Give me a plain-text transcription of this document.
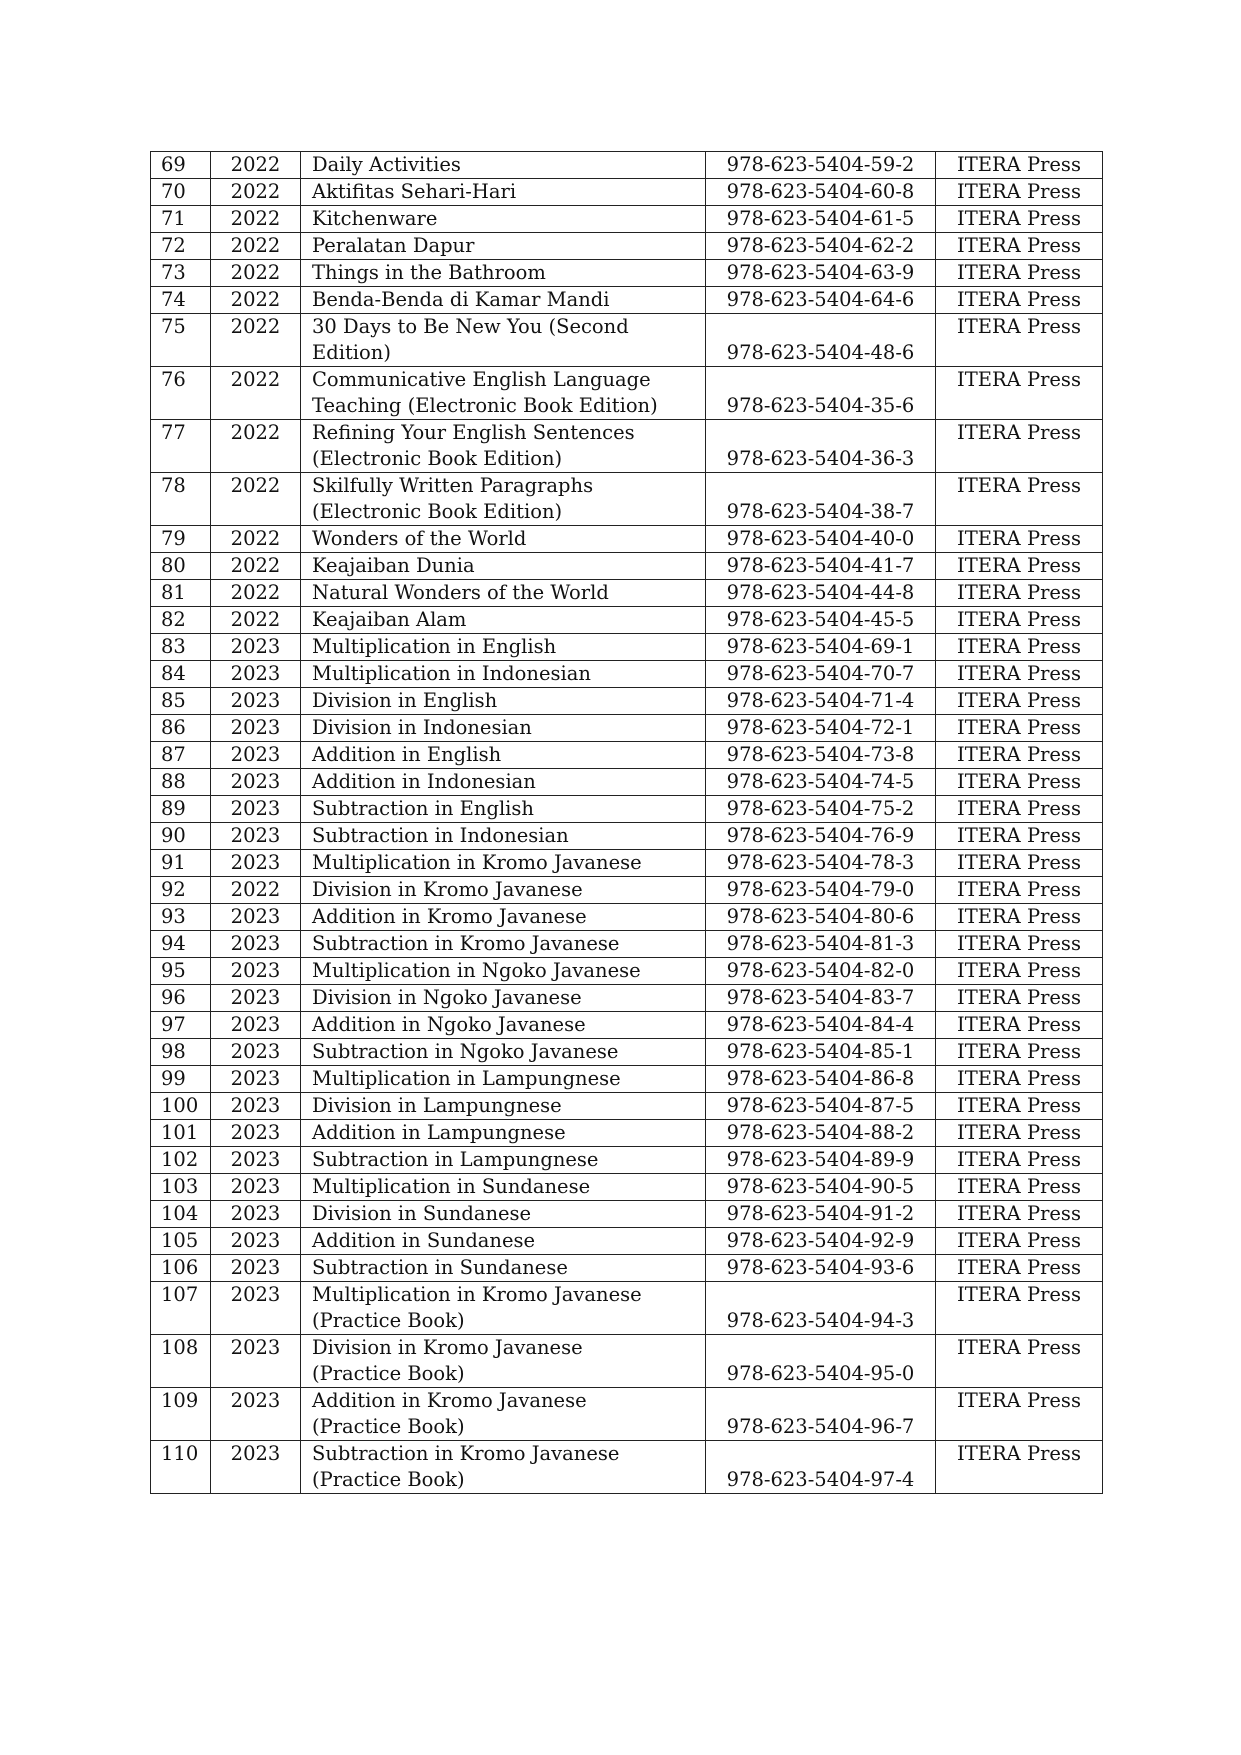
69	2022	Daily Activities	978-623-5404-59-2	ITERA Press
70	2022	Aktifitas Sehari-Hari	978-623-5404-60-8	ITERA Press
71	2022	Kitchenware	978-623-5404-61-5	ITERA Press
72	2022	Peralatan Dapur	978-623-5404-62-2	ITERA Press
73	2022	Things in the Bathroom	978-623-5404-63-9	ITERA Press
74	2022	Benda-Benda di Kamar Mandi	978-623-5404-64-6	ITERA Press
75	2022	30 Days to Be New You (Second
Edition)	978-623-5404-48-6	ITERA Press
76	2022	Communicative English Language
Teaching (Electronic Book Edition)	978-623-5404-35-6	ITERA Press
77	2022	Refining Your English Sentences
(Electronic Book Edition)	978-623-5404-36-3	ITERA Press
78	2022	Skilfully Written Paragraphs
(Electronic Book Edition)	978-623-5404-38-7	ITERA Press
79	2022	Wonders of the World	978-623-5404-40-0	ITERA Press
80	2022	Keajaiban Dunia	978-623-5404-41-7	ITERA Press
81	2022	Natural Wonders of the World	978-623-5404-44-8	ITERA Press
82	2022	Keajaiban Alam	978-623-5404-45-5	ITERA Press
83	2023	Multiplication in English	978-623-5404-69-1	ITERA Press
84	2023	Multiplication in Indonesian	978-623-5404-70-7	ITERA Press
85	2023	Division in English	978-623-5404-71-4	ITERA Press
86	2023	Division in Indonesian	978-623-5404-72-1	ITERA Press
87	2023	Addition in English	978-623-5404-73-8	ITERA Press
88	2023	Addition in Indonesian	978-623-5404-74-5	ITERA Press
89	2023	Subtraction in English	978-623-5404-75-2	ITERA Press
90	2023	Subtraction in Indonesian	978-623-5404-76-9	ITERA Press
91	2023	Multiplication in Kromo Javanese	978-623-5404-78-3	ITERA Press
92	2022	Division in Kromo Javanese	978-623-5404-79-0	ITERA Press
93	2023	Addition in Kromo Javanese	978-623-5404-80-6	ITERA Press
94	2023	Subtraction in Kromo Javanese	978-623-5404-81-3	ITERA Press
95	2023	Multiplication in Ngoko Javanese	978-623-5404-82-0	ITERA Press
96	2023	Division in Ngoko Javanese	978-623-5404-83-7	ITERA Press
97	2023	Addition in Ngoko Javanese	978-623-5404-84-4	ITERA Press
98	2023	Subtraction in Ngoko Javanese	978-623-5404-85-1	ITERA Press
99	2023	Multiplication in Lampungnese	978-623-5404-86-8	ITERA Press
100	2023	Division in Lampungnese	978-623-5404-87-5	ITERA Press
101	2023	Addition in Lampungnese	978-623-5404-88-2	ITERA Press
102	2023	Subtraction in Lampungnese	978-623-5404-89-9	ITERA Press
103	2023	Multiplication in Sundanese	978-623-5404-90-5	ITERA Press
104	2023	Division in Sundanese	978-623-5404-91-2	ITERA Press
105	2023	Addition in Sundanese	978-623-5404-92-9	ITERA Press
106	2023	Subtraction in Sundanese	978-623-5404-93-6	ITERA Press
107	2023	Multiplication in Kromo Javanese
(Practice Book)	978-623-5404-94-3	ITERA Press
108	2023	Division in Kromo Javanese
(Practice Book)	978-623-5404-95-0	ITERA Press
109	2023	Addition in Kromo Javanese
(Practice Book)	978-623-5404-96-7	ITERA Press
110	2023	Subtraction in Kromo Javanese
(Practice Book)	978-623-5404-97-4	ITERA Press
